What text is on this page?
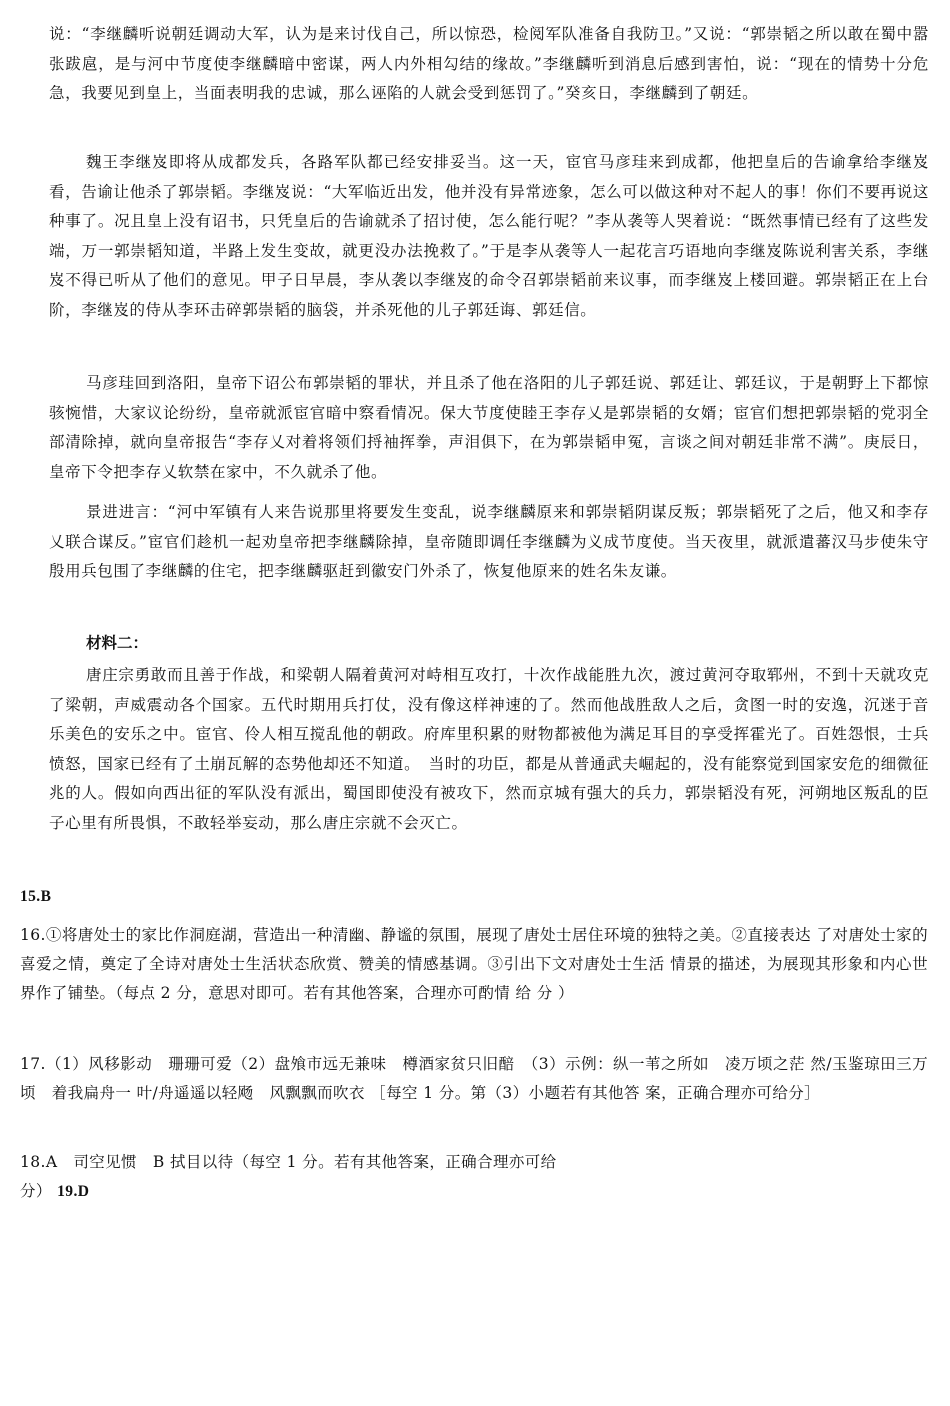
说：“李继麟听说朝廷调动大军，认为是来讨伐自己，所以惊恐，检阅军队准备自我防卫。”又说：“郭崇韬之所以敢在蜀中嚣张跋扈，是与河中节度使李继麟暗中密谋，两人内外相勾结的缘故。”李继麟听到消息后感到害怕，说：“现在的情势十分危急，我要见到皇上，当面表明我的忠诚，那么诬陷的人就会受到惩罚了。”癸亥日，李继麟到了朝廷。

魏王李继岌即将从成都发兵，各路军队都已经安排妥当。这一天，宦官马彦珪来到成都，他把皇后的告谕拿给李继岌看，告谕让他杀了郭崇韬。李继岌说：“大军临近出发，他并没有异常迹象，怎么可以做这种对不起人的事！你们不要再说这种事了。况且皇上没有诏书，只凭皇后的告谕就杀了招讨使，怎么能行呢？”李从袭等人哭着说：“既然事情已经有了这些发端，万一郭崇韬知道，半路上发生变故，就更没办法挽救了。”于是李从袭等人一起花言巧语地向李继岌陈说利害关系，李继岌不得已听从了他们的意见。甲子日早晨，李从袭以李继岌的命令召郭崇韬前来议事，而李继岌上楼回避。郭崇韬正在上台阶，李继岌的侍从李环击碎郭崇韬的脑袋，并杀死他的儿子郭廷诲、郭廷信。

马彦珪回到洛阳，皇帝下诏公布郭崇韬的罪状，并且杀了他在洛阳的儿子郭廷说、郭廷让、郭廷议，于是朝野上下都惊骇惋惜，大家议论纷纷，皇帝就派宦官暗中察看情况。保大节度使睦王李存乂是郭崇韬的女婿；宦官们想把郭崇韬的党羽全部清除掉，就向皇帝报告“李存乂对着将领们捋袖挥拳，声泪俱下，在为郭崇韬申冤，言谈之间对朝廷非常不满”。庚辰日，皇帝下令把李存乂软禁在家中，不久就杀了他。

景进进言：“河中军镇有人来告说那里将要发生变乱，说李继麟原来和郭崇韬阴谋反叛；郭崇韬死了之后，他又和李存乂联合谋反。”宦官们趁机一起劝皇帝把李继麟除掉，皇帝随即调任李继麟为义成节度使。当天夜里，就派遣蕃汉马步使朱守殷用兵包围了李继麟的住宅，把李继麟驱赶到徽安门外杀了，恢复他原来的姓名朱友谦。

材料二：

唐庄宗勇敢而且善于作战，和梁朝人隔着黄河对峙相互攻打，十次作战能胜九次，渡过黄河夺取郓州，不到十天就攻克了梁朝，声威震动各个国家。五代时期用兵打仗，没有像这样神速的了。然而他战胜敌人之后，贪图一时的安逸，沉迷于音乐美色的安乐之中。宦官、伶人相互搅乱他的朝政。府库里积累的财物都被他为满足耳目的享受挥霍光了。百姓怨恨，士兵愤怒，国家已经有了土崩瓦解的态势他却还不知道。　当时的功臣，都是从普通武夫崛起的，没有能察觉到国家安危的细微征兆的人。假如向西出征的军队没有派出，蜀国即使没有被攻下，然而京城有强大的兵力，郭崇韬没有死，河朔地区叛乱的臣子心里有所畏惧，不敢轻举妄动，那么唐庄宗就不会灭亡。

15.B

16.①将唐处士的家比作洞庭湖，营造出一种清幽、静谧的氛围，展现了唐处士居住环境的独特之美。②直接表达 了对唐处士家的喜爱之情，奠定了全诗对唐处士生活状态欣赏、赞美的情感基调。③引出下文对唐处士生活 情景的描述，为展现其形象和内心世界作了铺垫。（每点 2 分，意思对即可。若有其他答案，合理亦可酌情 给 分 ）

17.（1）风移影动　珊珊可爱（2）盘飧市远无兼味　樽酒家贫只旧醅　（3）示例：纵一苇之所如　凌万顷之茫 然/玉鉴琼田三万顷　着我扁舟一 叶/舟遥遥以轻飏　风飘飘而吹衣 ［每空 1 分。第（3）小题若有其他答 案，正确合理亦可给分］

18.A　司空见惯　B 拭目以待（每空 1 分。若有其他答案，正确合理亦可给
分） 19.D
